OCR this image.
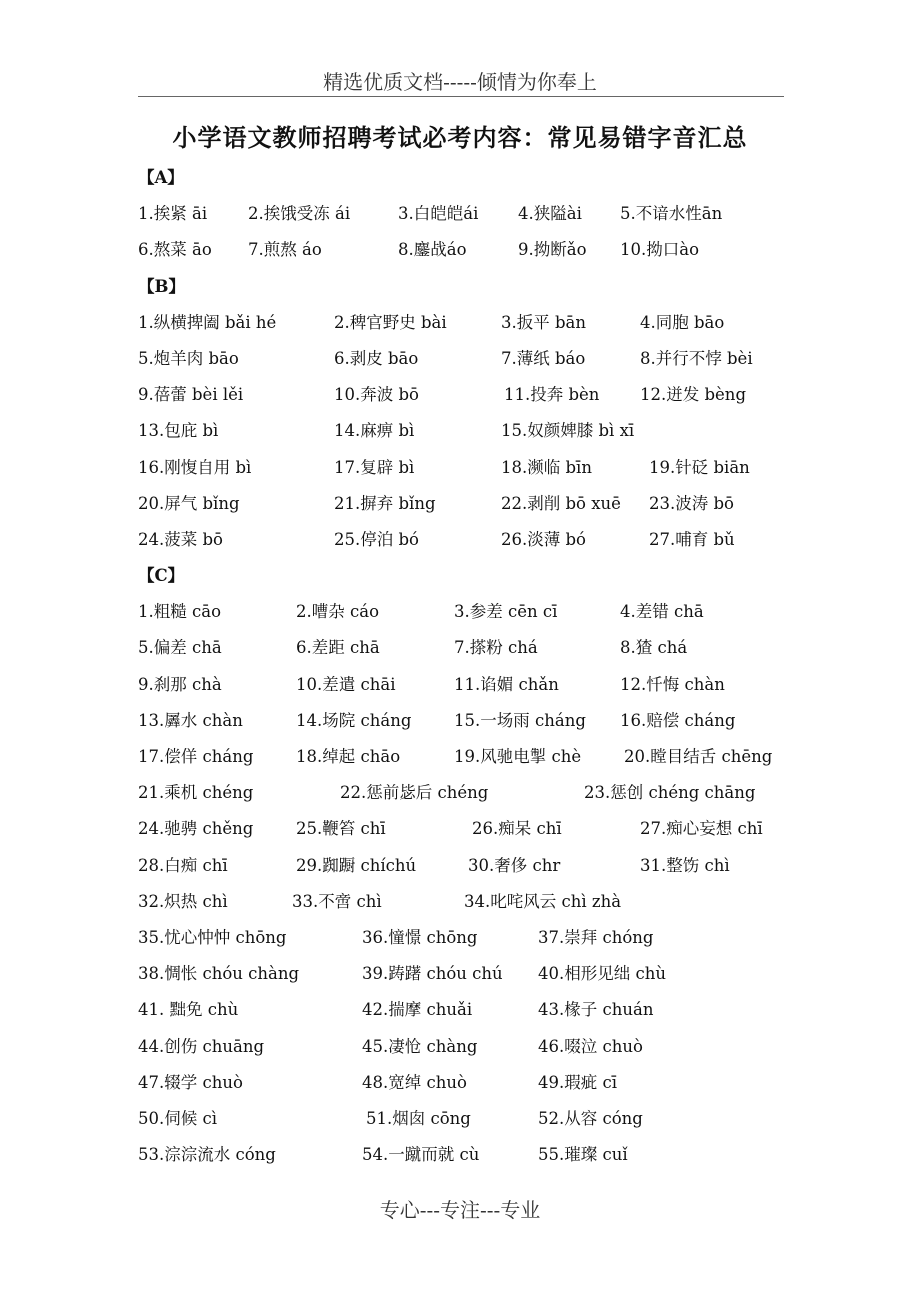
精选优质文档-----倾情为你奉上
小学语文教师招聘考试必考内容：常见易错字音汇总
【A】
1.挨紧 āi 2.挨饿受冻 ái	3.白皑皑ái 4.狭隘ài 5.不谙水性ān
6.熬菜 āo 7.煎熬 áo	8.鏖战áo	9.拗断ǎo 10.拗口ào
【B】
1.纵横捭阖 bǎi hé	2.稗官野史 bài	3.扳平 bān	4.同胞 bāo
5.炮羊肉 bāo	6.剥皮 bāo	7.薄纸 báo	8.并行不悖 bèi
9.蓓蕾 bèi lěi	10.奔波 bō	11.投奔 bèn 12.迸发 bèng
13.包庇 bì	14.麻痹 bì	15.奴颜婢膝 bì xī
16.刚愎自用 bì	17.复辟 bì	18.濒临 bīn	19.针砭 biān
20.屏气 bǐng	21.摒弃 bǐng	22.剥削 bō xuē 23.波涛 bō
24.菠菜 bō	25.停泊 bó	26.淡薄 bó	27.哺育 bǔ
【C】
1.粗糙 cāo	2.嘈杂 cáo	3.参差 cēn cī	4.差错 chā
5.偏差 chā	6.差距 chā	7.搽粉 chá	8.猹 chá
9.刹那 chà	10.差遣 chāi	11.谄媚 chǎn	12.忏悔 chàn
13.羼水 chàn	14.场院 cháng	15.一场雨 cháng 16.赔偿 cháng
17.偿佯 cháng	18.绰起 chāo	19.风驰电掣 chè	20.瞠目结舌 chēng
21.乘机 chéng	22.惩前毖后 chéng	23.惩创 chéng chāng
24.驰骋 chěng	25.鞭笞 chī	26.痴呆 chī	27.痴心妄想 chī
28.白痴 chī	29.踟蹰 chíchú	30.奢侈 chr	31.整饬 chì
32.炽热 chì	33.不啻 chì	34.叱咤风云 chì zhà
35.忧心忡忡 chōng	36.憧憬 chōng	37.崇拜 chóng
38.惆怅 chóu chàng	39.踌躇 chóu chú 40.相形见绌 chù
41. 黜免 chù	42.揣摩 chuǎi	43.椽子 chuán
44.创伤 chuāng	45.凄怆 chàng	46.啜泣 chuò
47.辍学 chuò	48.宽绰 chuò	49.瑕疵 cī
50.伺候 cì	51.烟囱 cōng	52.从容 cóng
53.淙淙流水 cóng	54.一蹴而就 cù	55.璀璨 cuǐ
专心---专注---专业
